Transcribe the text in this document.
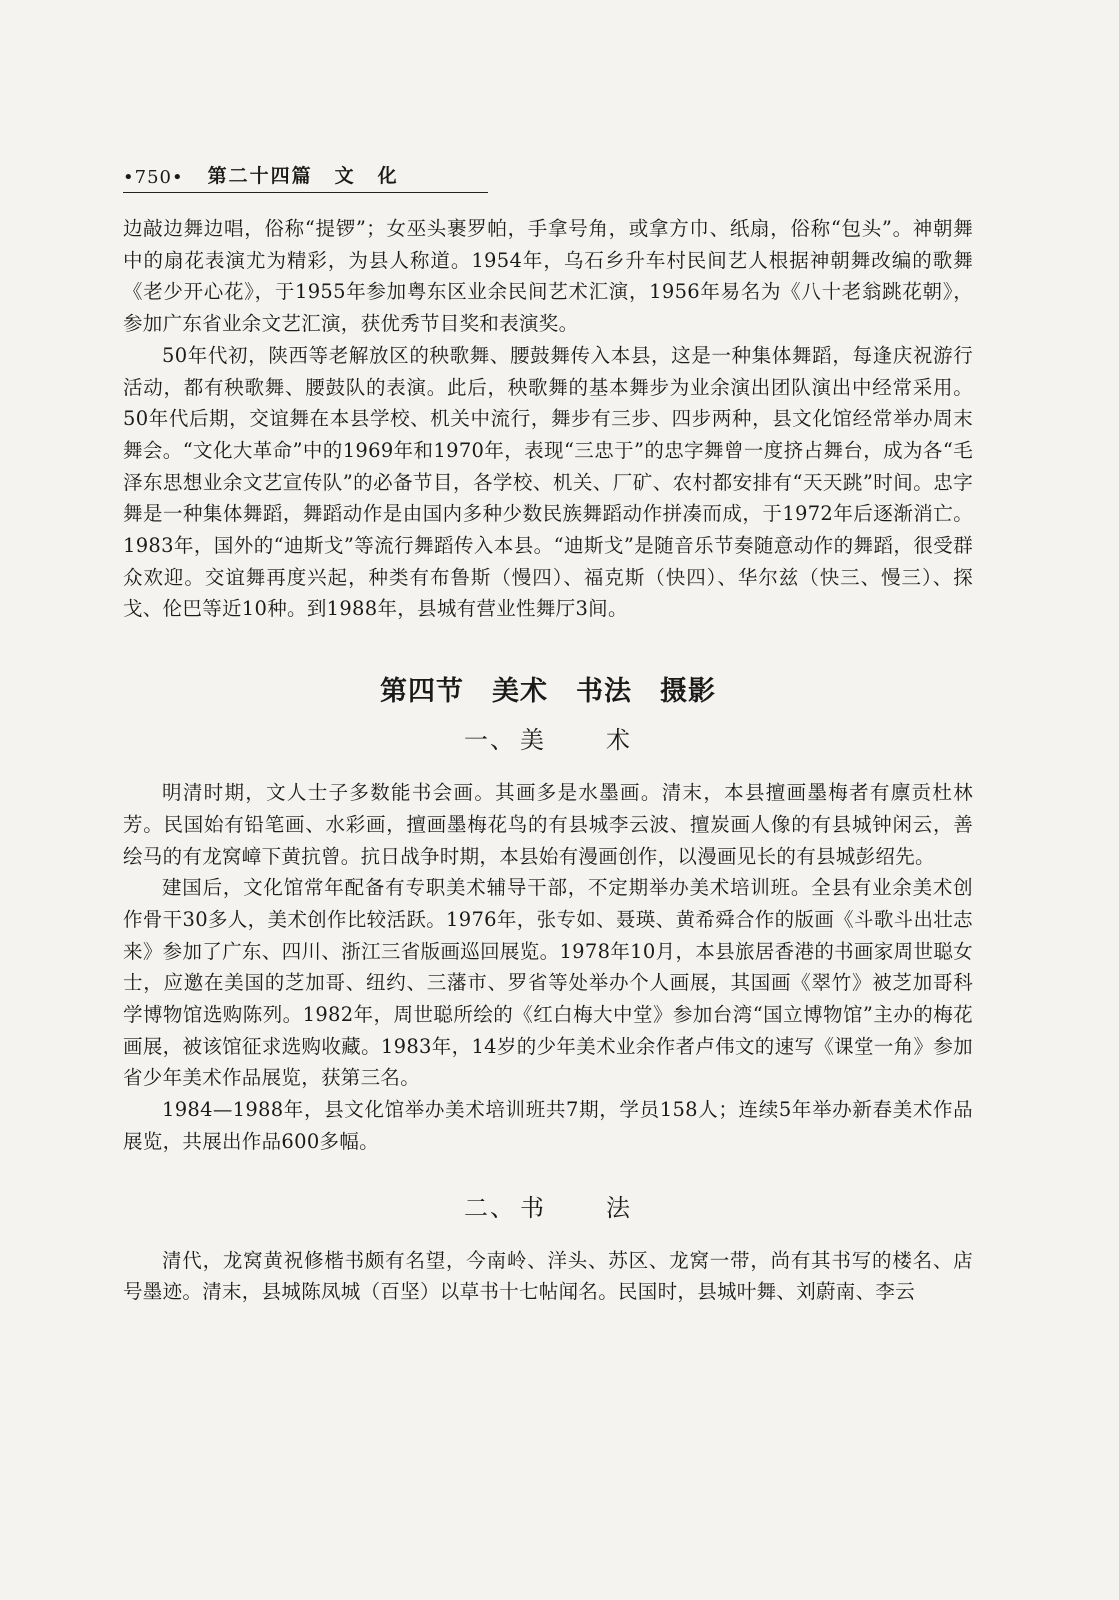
•750• 第二十四篇 文 化

边敲边舞边唱，俗称“提锣”；女巫头裹罗帕，手拿号角，或拿方巾、纸扇，俗称“包头”。神朝舞中的扇花表演尤为精彩，为县人称道。1954年，乌石乡升车村民间艺人根据神朝舞改编的歌舞《老少开心花》，于1955年参加粤东区业余民间艺术汇演，1956年易名为《八十老翁跳花朝》，参加广东省业余文艺汇演，获优秀节目奖和表演奖。

50年代初，陕西等老解放区的秧歌舞、腰鼓舞传入本县，这是一种集体舞蹈，每逢庆祝游行活动，都有秧歌舞、腰鼓队的表演。此后，秧歌舞的基本舞步为业余演出团队演出中经常采用。50年代后期，交谊舞在本县学校、机关中流行，舞步有三步、四步两种，县文化馆经常举办周末舞会。“文化大革命”中的1969年和1970年，表现“三忠于”的忠字舞曾一度挤占舞台，成为各“毛泽东思想业余文艺宣传队”的必备节目，各学校、机关、厂矿、农村都安排有“天天跳”时间。忠字舞是一种集体舞蹈，舞蹈动作是由国内多种少数民族舞蹈动作拼凑而成，于1972年后逐渐消亡。1983年，国外的“迪斯戈”等流行舞蹈传入本县。“迪斯戈”是随音乐节奏随意动作的舞蹈，很受群众欢迎。交谊舞再度兴起，种类有布鲁斯（慢四）、福克斯（快四）、华尔兹（快三、慢三）、探戈、伦巴等近10种。到1988年，县城有营业性舞厅3间。

第四节 美术 书法 摄影
一、 美	术

明清时期，文人士子多数能书会画。其画多是水墨画。清末，本县擅画墨梅者有廪贡杜林芳。民国始有铅笔画、水彩画，擅画墨梅花鸟的有县城李云波、擅炭画人像的有县城钟闲云，善绘马的有龙窝嶂下黄抗曾。抗日战争时期，本县始有漫画创作，以漫画见长的有县城彭绍先。

建国后，文化馆常年配备有专职美术辅导干部，不定期举办美术培训班。全县有业余美术创作骨干30多人，美术创作比较活跃。1976年，张专如、聂瑛、黄希舜合作的版画《斗歌斗出壮志来》参加了广东、四川、浙江三省版画巡回展览。1978年10月，本县旅居香港的书画家周世聪女士，应邀在美国的芝加哥、纽约、三藩市、罗省等处举办个人画展，其国画《翠竹》被芝加哥科学博物馆选购陈列。1982年，周世聪所绘的《红白梅大中堂》参加台湾“国立博物馆”主办的梅花画展，被该馆征求选购收藏。1983年，14岁的少年美术业余作者卢伟文的速写《课堂一角》参加省少年美术作品展览，获第三名。

1984—1988年，县文化馆举办美术培训班共7期，学员158人；连续5年举办新春美术作品展览，共展出作品600多幅。

二、 书	法

清代，龙窝黄祝修楷书颇有名望，今南岭、洋头、苏区、龙窝一带，尚有其书写的楼名、店号墨迹。清末，县城陈凤城（百坚）以草书十七帖闻名。民国时，县城叶舞、刘蔚南、李云
